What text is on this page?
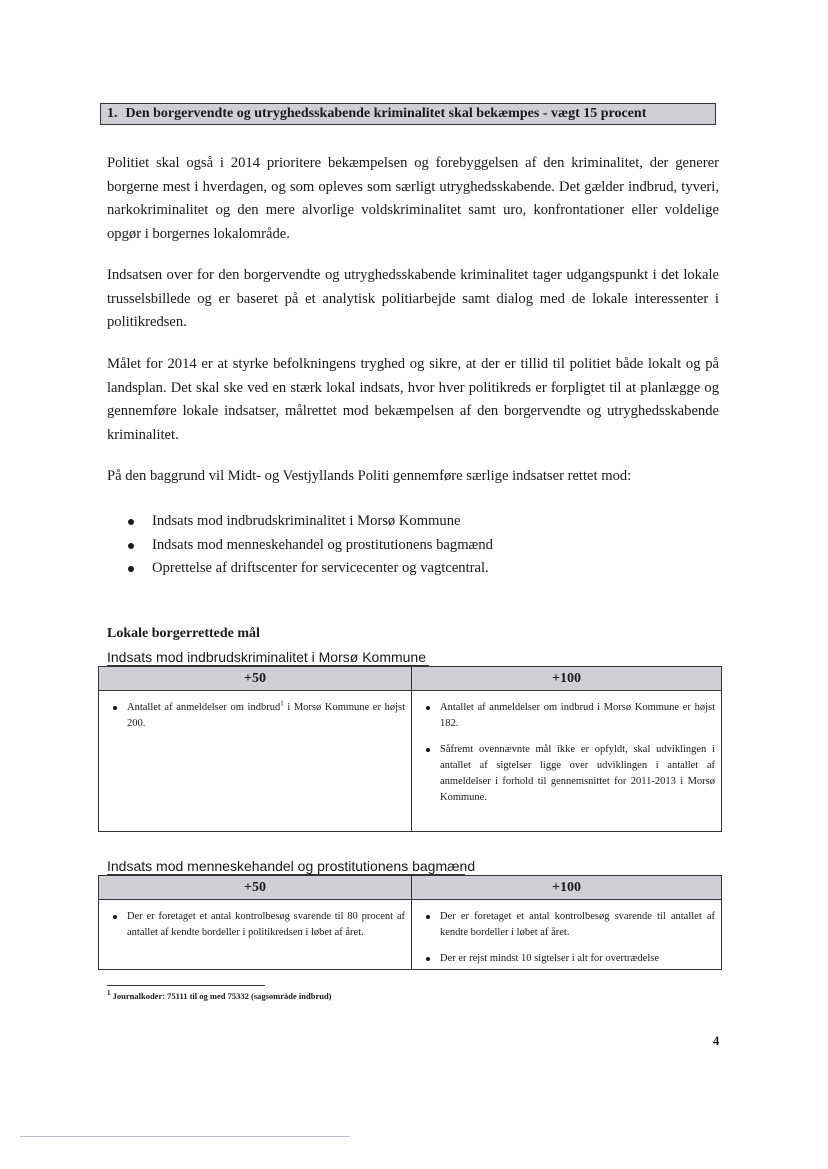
1. Den borgervendte og utryghedsskabende kriminalitet skal bekæmpes - vægt 15 procent

Politiet skal også i 2014 prioritere bekæmpelsen og forebyggelsen af den kriminalitet, der generer borgerne mest i hverdagen, og som opleves som særligt utryghedsskabende. Det gælder indbrud, tyveri, narkokriminalitet og den mere alvorlige voldskriminalitet samt uro, konfrontationer eller voldelige opgør i borgernes lokalområde.

Indsatsen over for den borgervendte og utryghedsskabende kriminalitet tager udgangspunkt i det lokale trusselsbillede og er baseret på et analytisk politiarbejde samt dialog med de lokale interessenter i politikredsen.

Målet for 2014 er at styrke befolkningens tryghed og sikre, at der er tillid til politiet både lokalt og på landsplan. Det skal ske ved en stærk lokal indsats, hvor hver politikreds er forpligtet til at planlægge og gennemføre lokale indsatser, målrettet mod bekæmpelsen af den borgervendte og utryghedsskabende kriminalitet.

På den baggrund vil Midt- og Vestjyllands Politi gennemføre særlige indsatser rettet mod:

Indsats mod indbrudskriminalitet i Morsø Kommune
Indsats mod menneskehandel og prostitutionens bagmænd
Oprettelse af driftscenter for servicecenter og vagtcentral.

Lokale borgerrettede mål

Indsats mod indbrudskriminalitet i Morsø Kommune

+50	+100
Antallet af anmeldelser om indbrud$^1$ i Morsø Kommune er højst 200.
Antallet af anmeldelser om indbrud i Morsø Kommune er højst 182.
Såfremt ovennævnte mål ikke er opfyldt, skal udviklingen i antallet af sigtelser ligge over udviklingen i antallet af anmeldelser i forhold til gennemsnittet for 2011-2013 i Morsø Kommune.

Indsats mod menneskehandel og prostitutionens bagmænd

+50	+100
Der er foretaget et antal kontrolbesøg svarende til 80 procent af antallet af kendte bordeller i politikredsen i løbet af året.
Der er foretaget et antal kontrolbesøg svarende til antallet af kendte bordeller i løbet af året.
Der er rejst mindst 10 sigtelser i alt for overtrædelse

$^1$ Journalkoder: 75111 til og med 75332 (sagsområde indbrud)

4
